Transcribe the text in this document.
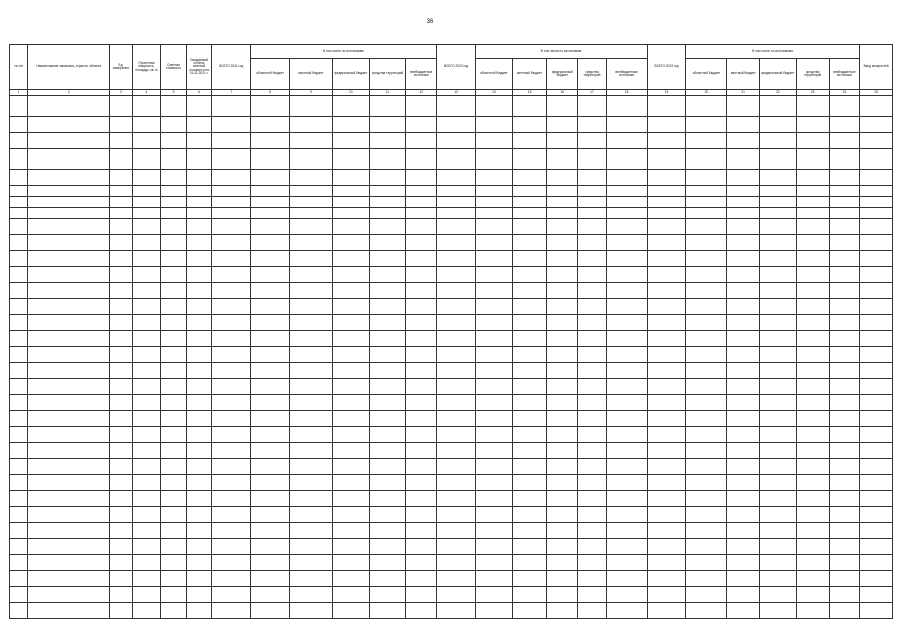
36
№ п/п	Наименование заказчика, отрасли, объекта	Ед. измерения	Проектная мощность, площадь, кв. м	Сметная стоимость	Ожидаемый остаток сметной стоимости на 01.01.2021 г.	ВСЕГО 2021 год	В том числе по источникам:					ВСЕГО 2022 год	В том числе по источникам:					ВСЕГО 2023 год	В том числе по источникам:					Ввод мощностей
							областной бюджет	местный бюджет	федеральный бюджет	средства территорий	внебюджетные источники		областной бюджет	местный бюджет	федеральный бюджет	средства территорий	внебюджетные источники		областной бюджет	местный бюджет	федеральный бюджет	средства территорий	внебюджетные источники	
1	2	3	4	5	6	7	8	9	10	11	12	13	14	15	16	17	18	19	20	21	22	23	24	25
